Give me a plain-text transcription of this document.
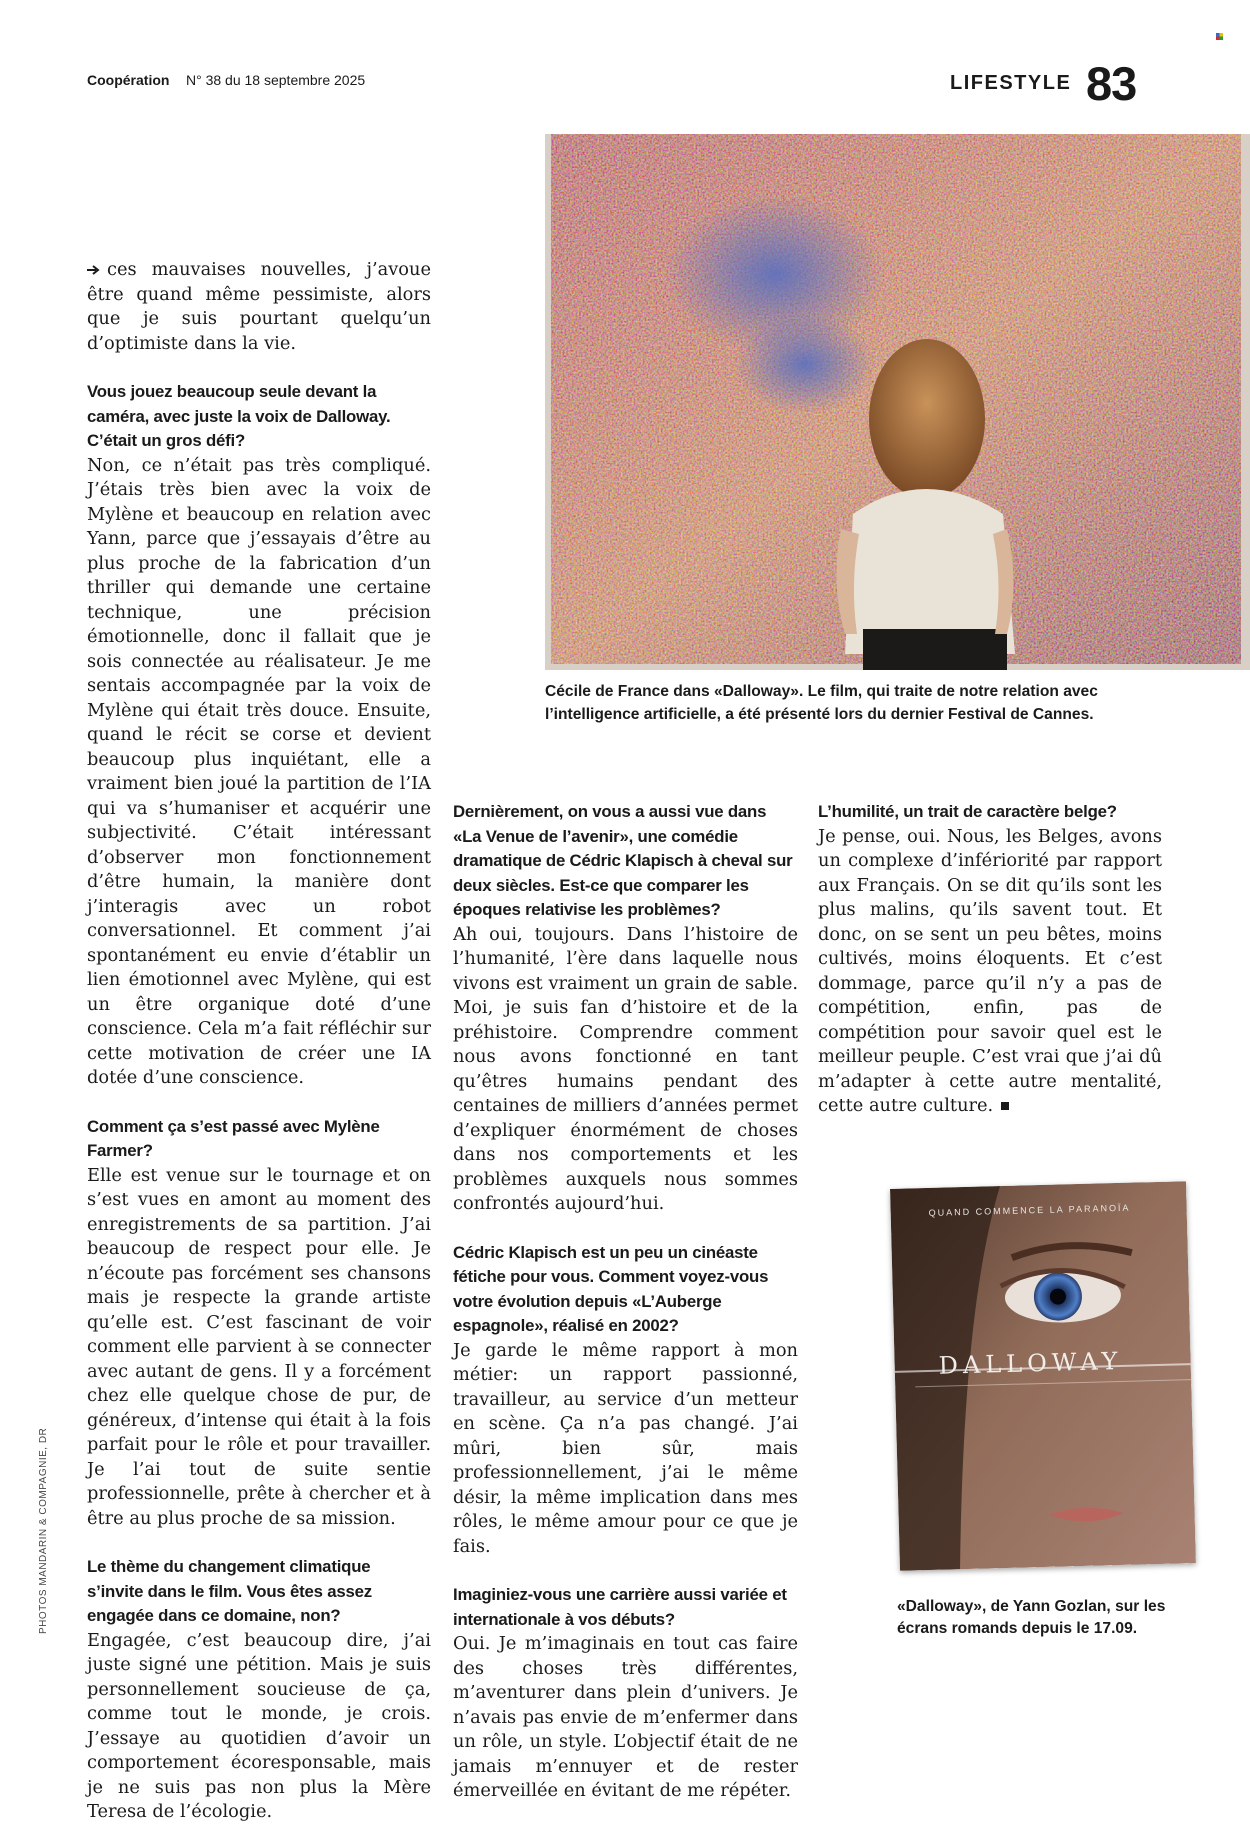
Coopération N° 38 du 18 septembre 2025	LIFESTYLE 83
Cécile de France dans «Dalloway». Le film, qui traite de notre relation avec l’intelligence artificielle, a été présenté lors du dernier Festival de Cannes.

ces mauvaises nouvelles, j’avoue être quand même pessimiste, alors que je suis pourtant quelqu’un d’optimiste dans la vie.

Vous jouez beaucoup seule devant la caméra, avec juste la voix de Dalloway. C’était un gros défi?

Non, ce n’était pas très compliqué. J’étais très bien avec la voix de Mylène et beaucoup en relation avec Yann, parce que j’essayais d’être au plus proche de la fabrication d’un thriller qui demande une certaine technique, une précision émotionnelle, donc il fallait que je sois connectée au réalisateur. Je me sentais accompagnée par la voix de Mylène qui était très douce. Ensuite, quand le récit se corse et devient beaucoup plus inquiétant, elle a vraiment bien joué la partition de l’IA qui va s’humaniser et acquérir une subjectivité. C’était intéressant d’observer mon fonctionnement d’être humain, la manière dont j’interagis avec un robot conversationnel. Et comment j’ai spontanément eu envie d’établir un lien émotionnel avec Mylène, qui est un être organique doté d’une conscience. Cela m’a fait réfléchir sur cette motivation de créer une IA dotée d’une conscience.

Comment ça s’est passé avec Mylène Farmer?

Elle est venue sur le tournage et on s’est vues en amont au moment des enregistrements de sa partition. J’ai beaucoup de respect pour elle. Je n’écoute pas forcément ses chansons mais je respecte la grande artiste qu’elle est. C’est fascinant de voir comment elle parvient à se connecter avec autant de gens. Il y a forcément chez elle quelque chose de pur, de généreux, d’intense qui était à la fois parfait pour le rôle et pour travailler. Je l’ai tout de suite sentie professionnelle, prête à chercher et à être au plus proche de sa mission.

Le thème du changement climatique s’invite dans le film. Vous êtes assez engagée dans ce domaine, non?

Engagée, c’est beaucoup dire, j’ai juste signé une pétition. Mais je suis personnellement soucieuse de ça, comme tout le monde, je crois. J’essaye au quotidien d’avoir un comportement écoresponsable, mais je ne suis pas non plus la Mère Teresa de l’écologie.

Dernièrement, on vous a aussi vue dans «La Venue de l’avenir», une comédie dramatique de Cédric Klapisch à cheval sur deux siècles. Est-ce que comparer les époques relativise les problèmes?

Ah oui, toujours. Dans l’histoire de l’humanité, l’ère dans laquelle nous vivons est vraiment un grain de sable. Moi, je suis fan d’histoire et de la préhistoire. Comprendre comment nous avons fonctionné en tant qu’êtres humains pendant des centaines de milliers d’années permet d’expliquer énormément de choses dans nos comportements et les problèmes auxquels nous sommes confrontés aujourd’hui.

Cédric Klapisch est un peu un cinéaste fétiche pour vous. Comment voyez-vous votre évolution depuis «L’Auberge espagnole», réalisé en 2002?

Je garde le même rapport à mon métier: un rapport passionné, travailleur, au service d’un metteur en scène. Ça n’a pas changé. J’ai mûri, bien sûr, mais professionnellement, j’ai le même désir, la même implication dans mes rôles, le même amour pour ce que je fais.

Imaginiez-vous une carrière aussi variée et internationale à vos débuts?

Oui. Je m’imaginais en tout cas faire des choses très différentes, m’aventurer dans plein d’univers. Je n’avais pas envie de m’enfermer dans un rôle, un style. L’objectif était de ne jamais m’ennuyer et de rester émerveillée en évitant de me répéter.

L’humilité, un trait de caractère belge?

Je pense, oui. Nous, les Belges, avons un complexe d’infériorité par rapport aux Français. On se dit qu’ils sont les plus malins, qu’ils savent tout. Et donc, on se sent un peu bêtes, moins cultivés, moins éloquents. Et c’est dommage, parce qu’il n’y a pas de compétition, enfin, pas de compétition pour savoir quel est le meilleur peuple. C’est vrai que j’ai dû m’adapter à cette autre mentalité, cette autre culture.

QUAND COMMENCE LA PARANOÏA
DALLOWAY
«Dalloway», de Yann Gozlan, sur les écrans romands depuis le 17.09.
PHOTOS MANDARIN & COMPAGNIE, DR
